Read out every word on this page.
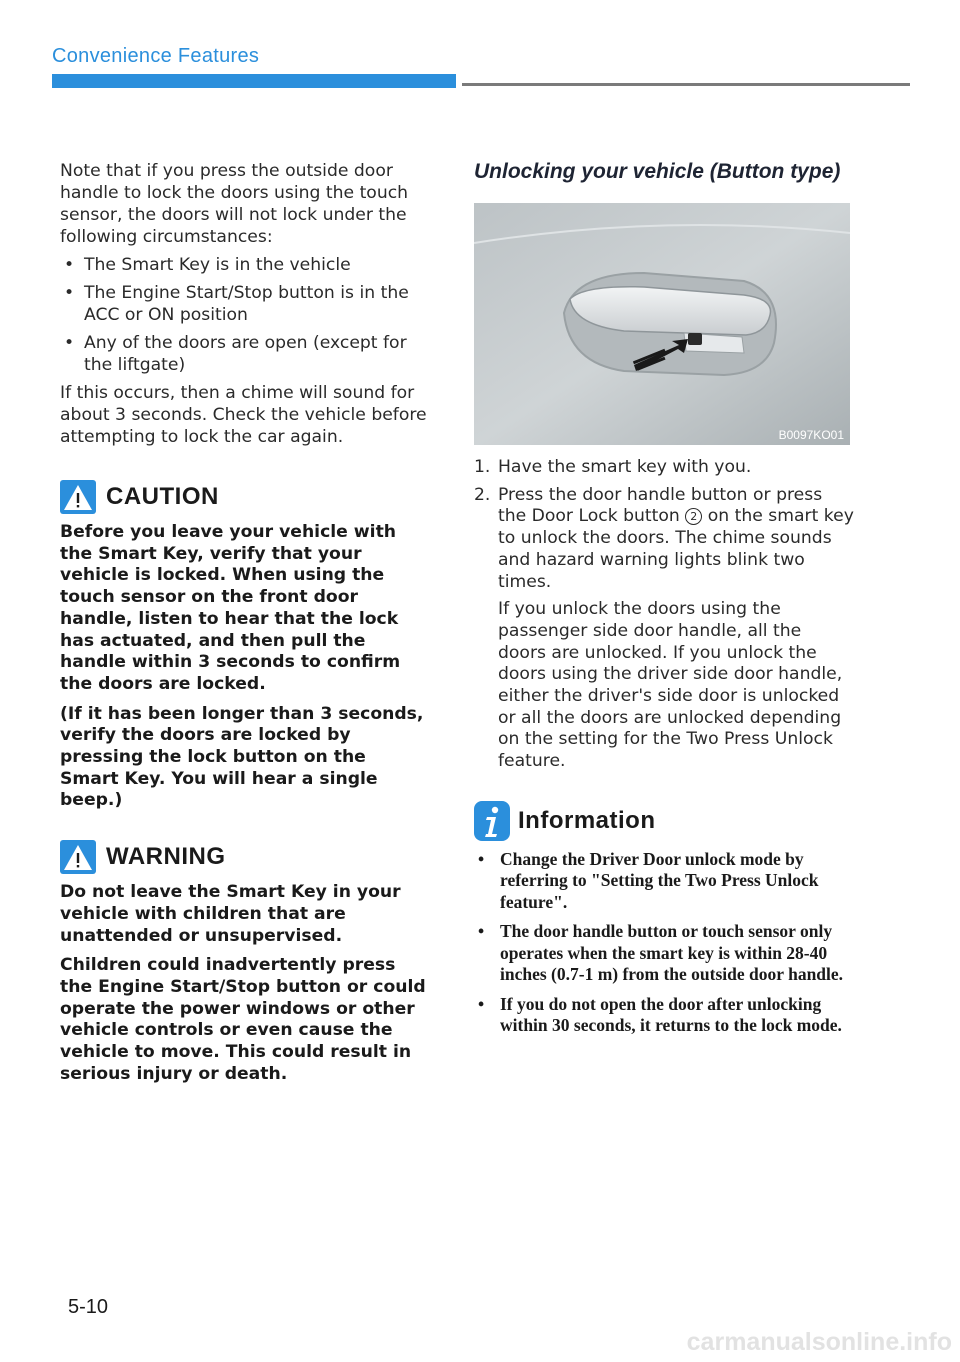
Convenience Features

Note that if you press the outside door handle to lock the doors using the touch sensor, the doors will not lock under the following circumstances:

• The Smart Key is in the vehicle
• The Engine Start/Stop button is in the ACC or ON position
• Any of the doors are open (except for the liftgate)

If this occurs, then a chime will sound for about 3 seconds. Check the vehicle before attempting to lock the car again.

CAUTION

Before you leave your vehicle with the Smart Key, verify that your vehicle is locked. When using the touch sensor on the front door handle, listen to hear that the lock has actuated, and then pull the handle within 3 seconds to confirm the doors are locked.

(If it has been longer than 3 seconds, verify the doors are locked by pressing the lock button on the Smart Key. You will hear a single beep.)

WARNING

Do not leave the Smart Key in your vehicle with children that are unattended or unsupervised.

Children could inadvertently press the Engine Start/Stop button or could operate the power windows or other vehicle controls or even cause the vehicle to move. This could result in serious injury or death.

Unlocking your vehicle (Button type)
B0097KO01
1. Have the smart key with you.

2. Press the door handle button or press the Door Lock button 2 on the smart key to unlock the doors. The chime sounds and hazard warning lights blink two times.

If you unlock the doors using the passenger side door handle, all the doors are unlocked. If you unlock the doors using the driver side door handle, either the driver's side door is unlocked or all the doors are unlocked depending on the setting for the Two Press Unlock feature.

Information
• Change the Driver Door unlock mode by referring to "Setting the Two Press Unlock feature".
• The door handle button or touch sensor only operates when the smart key is within 28-40 inches (0.7-1 m) from the outside door handle.
• If you do not open the door after unlocking within 30 seconds, it returns to the lock mode.
5-10
carmanualsonline.info
